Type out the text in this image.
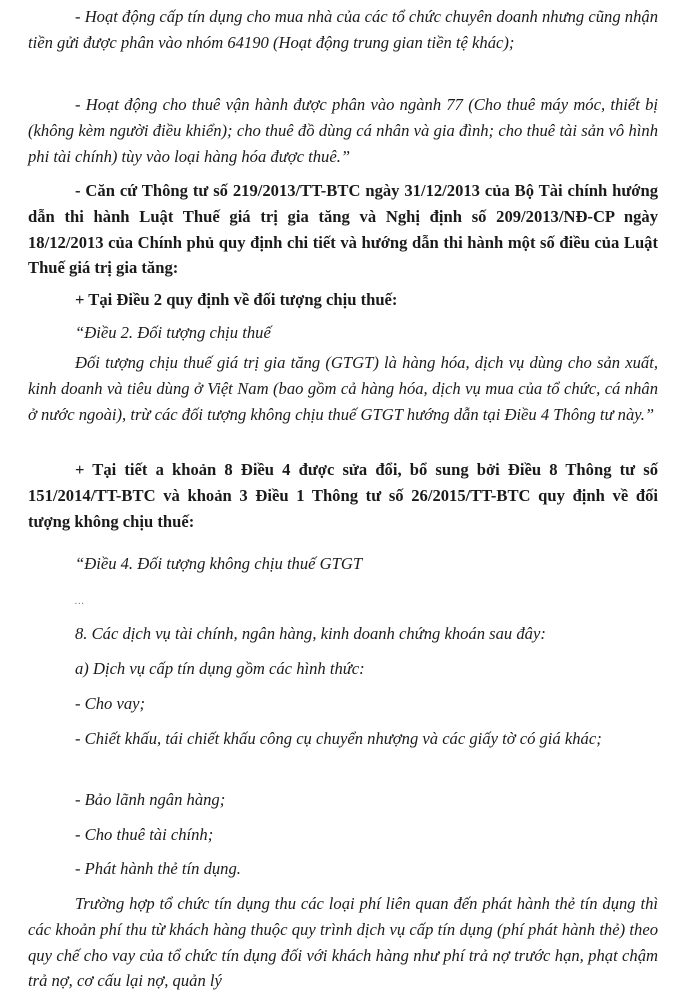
- Hoạt động cấp tín dụng cho mua nhà của các tổ chức chuyên doanh nhưng cũng nhận tiền gửi được phân vào nhóm 64190 (Hoạt động trung gian tiền tệ khác);

- Hoạt động cho thuê vận hành được phân vào ngành 77 (Cho thuê máy móc, thiết bị (không kèm người điều khiển); cho thuê đồ dùng cá nhân và gia đình; cho thuê tài sản vô hình phi tài chính) tùy vào loại hàng hóa được thuê.”

- Căn cứ Thông tư số 219/2013/TT-BTC ngày 31/12/2013 của Bộ Tài chính hướng dẫn thi hành Luật Thuế giá trị gia tăng và Nghị định số 209/2013/NĐ-CP ngày 18/12/2013 của Chính phủ quy định chi tiết và hướng dẫn thi hành một số điều của Luật Thuế giá trị gia tăng:

+ Tại Điều 2 quy định về đối tượng chịu thuế:

“Điều 2. Đối tượng chịu thuế

Đối tượng chịu thuế giá trị gia tăng (GTGT) là hàng hóa, dịch vụ dùng cho sản xuất, kinh doanh và tiêu dùng ở Việt Nam (bao gồm cả hàng hóa, dịch vụ mua của tổ chức, cá nhân ở nước ngoài), trừ các đối tượng không chịu thuế GTGT hướng dẫn tại Điều 4 Thông tư này.”

+ Tại tiết a khoản 8 Điều 4 được sửa đổi, bổ sung bởi Điều 8 Thông tư số 151/2014/TT-BTC và khoản 3 Điều 1 Thông tư số 26/2015/TT-BTC quy định về đối tượng không chịu thuế:

“Điều 4. Đối tượng không chịu thuế GTGT

…

8. Các dịch vụ tài chính, ngân hàng, kinh doanh chứng khoán sau đây:

a) Dịch vụ cấp tín dụng gồm các hình thức:

- Cho vay;

- Chiết khấu, tái chiết khấu công cụ chuyển nhượng và các giấy tờ có giá khác;

- Bảo lãnh ngân hàng;

- Cho thuê tài chính;

- Phát hành thẻ tín dụng.

Trường hợp tổ chức tín dụng thu các loại phí liên quan đến phát hành thẻ tín dụng thì các khoản phí thu từ khách hàng thuộc quy trình dịch vụ cấp tín dụng (phí phát hành thẻ) theo quy chế cho vay của tổ chức tín dụng đối với khách hàng như phí trả nợ trước hạn, phạt chậm trả nợ, cơ cấu lại nợ, quản lý
